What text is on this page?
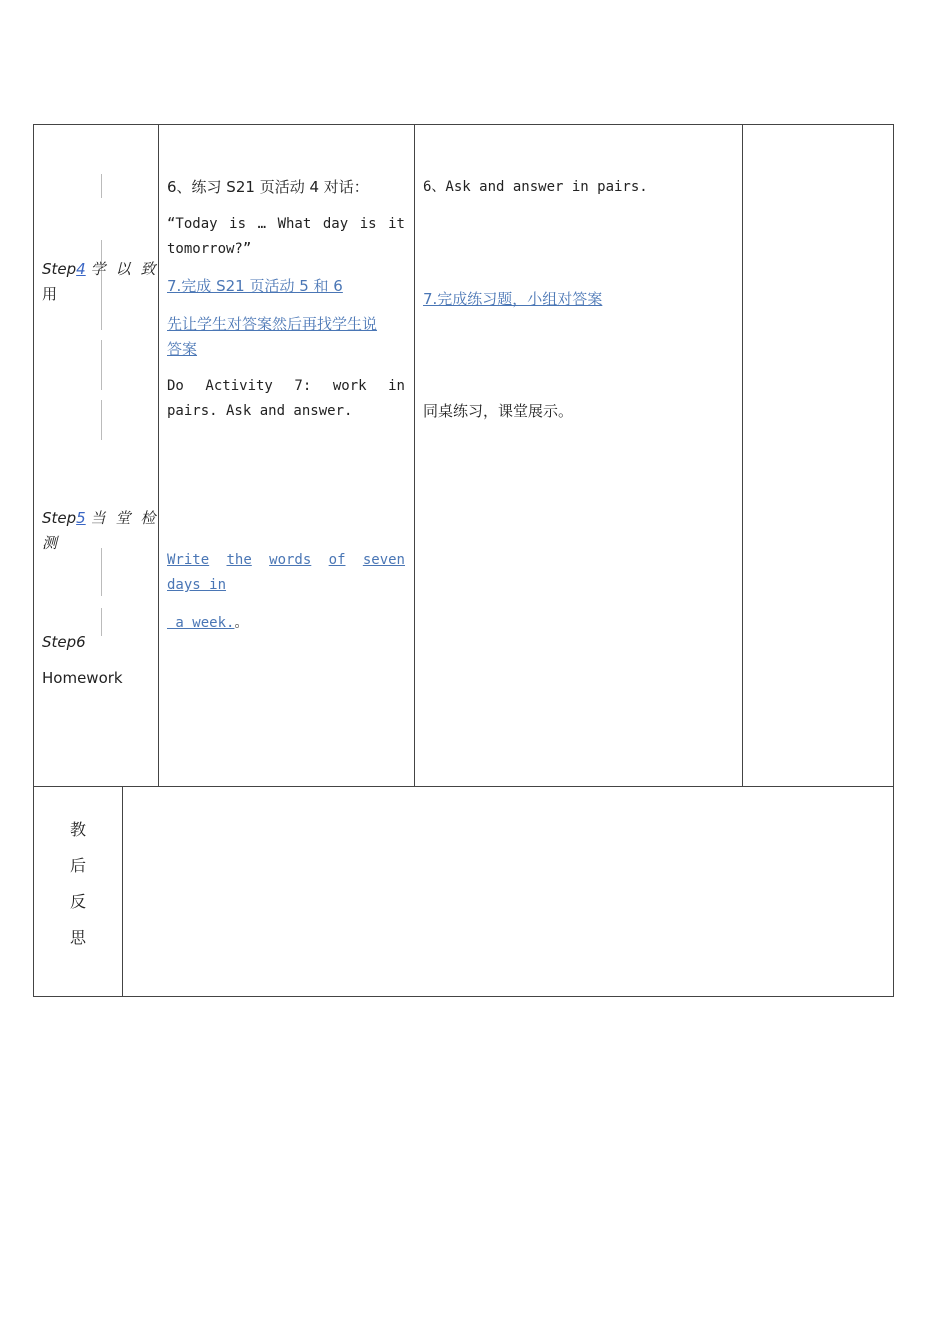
Step4 学以致
用
Step5 当堂检
测
Step6
Homework
6、练习 S21 页活动 4 对话：
“Today is … What day is it
tomorrow?”
7.完成 S21 页活动 5 和 6
先让学生对答案然后再找学生说
答案
Do Activity 7: work in
pairs. Ask and answer.
Write the words of seven
days in
a week.。
6、Ask and answer in pairs.
7.完成练习题，小组对答案
同桌练习，课堂展示。
教
后
反
思
